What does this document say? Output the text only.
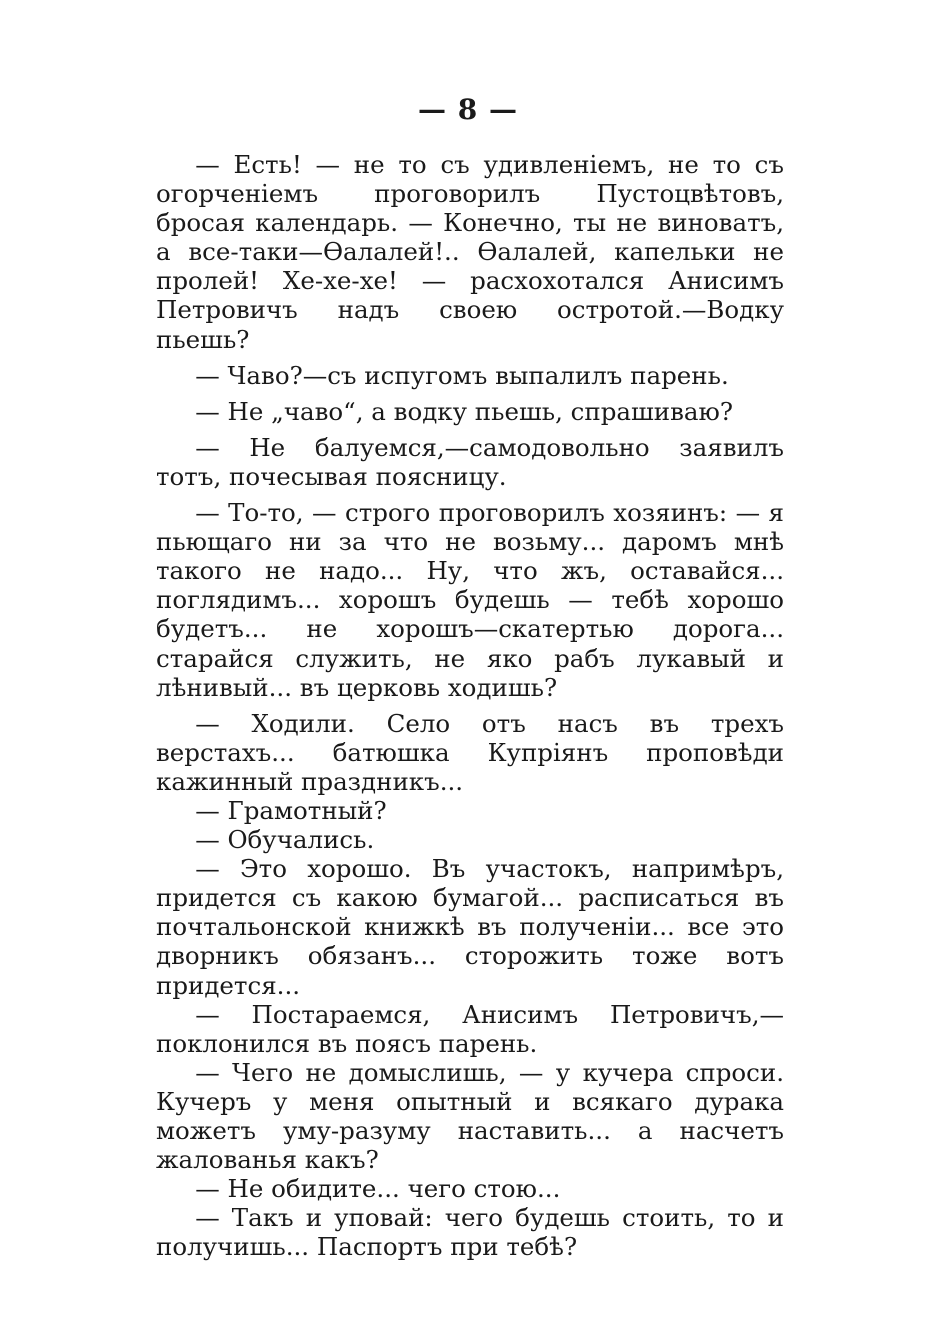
— 8 —

— Есть! — не то съ удивленіемъ, не то съ огорченіемъ проговорилъ Пустоцвѣтовъ, бросая календарь. — Конечно, ты не виноватъ, а все-таки—Ѳалалей!.. Ѳалалей, капельки не пролей! Хе-хе-хе! — расхохотался Анисимъ Петровичъ надъ своею остротой.—Водку пьешь?

— Чаво?—съ испугомъ выпалилъ парень.

— Не „чаво“, а водку пьешь, спрашиваю?

— Не балуемся,—самодовольно заявилъ тотъ, почесывая поясницу.

— То-то, — строго проговорилъ хозяинъ: — я пьющаго ни за что не возьму... даромъ мнѣ такого не надо... Ну, что жъ, оставайся... поглядимъ... хорошъ будешь — тебѣ хорошо будетъ... не хорошъ—скатертью дорога... старайся служить, не яко рабъ лукавый и лѣнивый... въ церковь ходишь?

— Ходили. Село отъ насъ въ трехъ верстахъ... батюшка Купріянъ проповѣди кажинный праздникъ...

— Грамотный?

— Обучались.

— Это хорошо. Въ участокъ, напримѣръ, придется съ какою бумагой... расписаться въ почтальонской книжкѣ въ полученіи... все это дворникъ обязанъ... сторожить тоже вотъ придется...

— Постараемся, Анисимъ Петровичъ,—поклонился въ поясъ парень.

— Чего не домыслишь, — у кучера спроси. Кучеръ у меня опытный и всякаго дурака можетъ уму-разуму наставить... а насчетъ жалованья какъ?

— Не обидите... чего стою...

— Такъ и уповай: чего будешь стоить, то и получишь... Паспортъ при тебѣ?
